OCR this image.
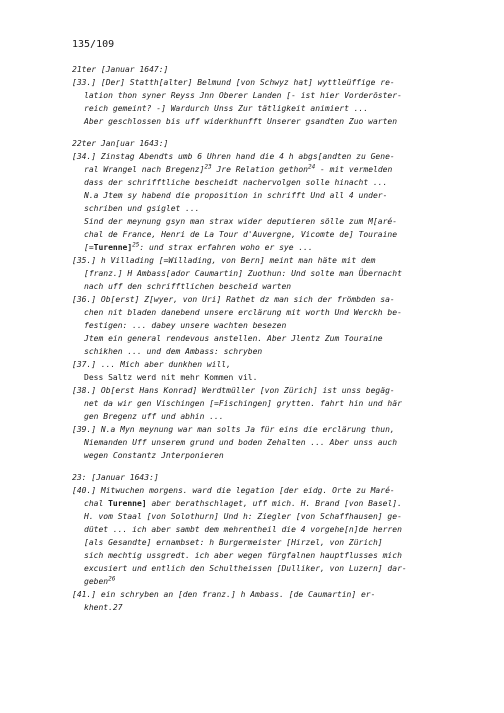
135/109
21ter [Januar 1647:]
[33.] [Der] Statth[alter] Belmund [von Schwyz hat] wyttleüffige re-
lation thon syner Reyss Jnn Oberer Landen [- ist hier Vorderöster-
reich gemeint? -] Wardurch Unss Zur tätligkeit animiert ...
Aber geschlossen bis uff widerkhunfft Unserer gsandten Zuo warten
22ter Jan[uar 1643:]
[34.] Zinstag Abendts umb 6 Uhren hand die 4 h abgs[andten zu Gene-
ral Wrangel nach Bregenz]$^{23}$ Jre Relation gethon$^{24}$ - mit vermelden
dass der schrifftliche bescheidt nachervolgen solle hinacht ...
N.a Jtem sy habend die proposition in schrifft Und all 4 under-
schriben und gsiglet ...
Sind der meynung gsyn man strax wider deputieren sölle zum M[aré-
chal de France, Henri de La Tour d'Auvergne, Vicomte de] Touraine
[=Turenne]$^{25}$: und strax erfahren woho er sye ...
[35.] h Villading [=Willading, von Bern] meint man häte mit dem
[franz.] H Ambass[ador Caumartin] Zuothun: Und solte man Übernacht
nach uff den schrifftlichen bescheid warten
[36.] Ob[erst] Z[wyer, von Uri] Rathet dz man sich der frömbden sa-
chen nit bladen danebend unsere erclärung mit worth Und Werckh be-
festigen: ... dabey unsere wachten besezen
Jtem ein general rendevous anstellen. Aber Jlentz Zum Touraine
schikhen ... und dem Ambass: schryben
[37.] ... Mich aber dunkhen will,
Dess Saltz werd nit mehr Kommen vil.
[38.] Ob[erst Hans Konrad] Werdtmüller [von Zürich] ist unss begäg-
net da wir gen Vischingen [=Fischingen] grytten. fahrt hin und här
gen Bregenz uff und abhin ...
[39.] N.a Myn meynung war man solts Ja für eins die erclärung thun,
Niemanden Uff unserem grund und boden Zehalten ... Aber unss auch
wegen Constantz Jnterponieren
23: [Januar 1643:]
[40.] Mitwuchen morgens. ward die legation [der eidg. Orte zu Maré-
chal Turenne] aber berathschlaget, uff mich. H. Brand [von Basel].
H. vom Staal [von Solothurn] Und h: Ziegler [von Schaffhausen] ge-
dütet ... ich aber sambt dem mehrentheil die 4 vorgehe[n]de herren
[als Gesandte] ernambset: h Burgermeister [Hirzel, von Zürich]
sich mechtig ussgredt. ich aber wegen fürgfalnen hauptflusses mich
excusiert und entlich den Schultheissen [Dulliker, von Luzern] dar-
geben$^{26}$
[41.] ein schryben an [den franz.] h Ambass. [de Caumartin] er-
khent.27
